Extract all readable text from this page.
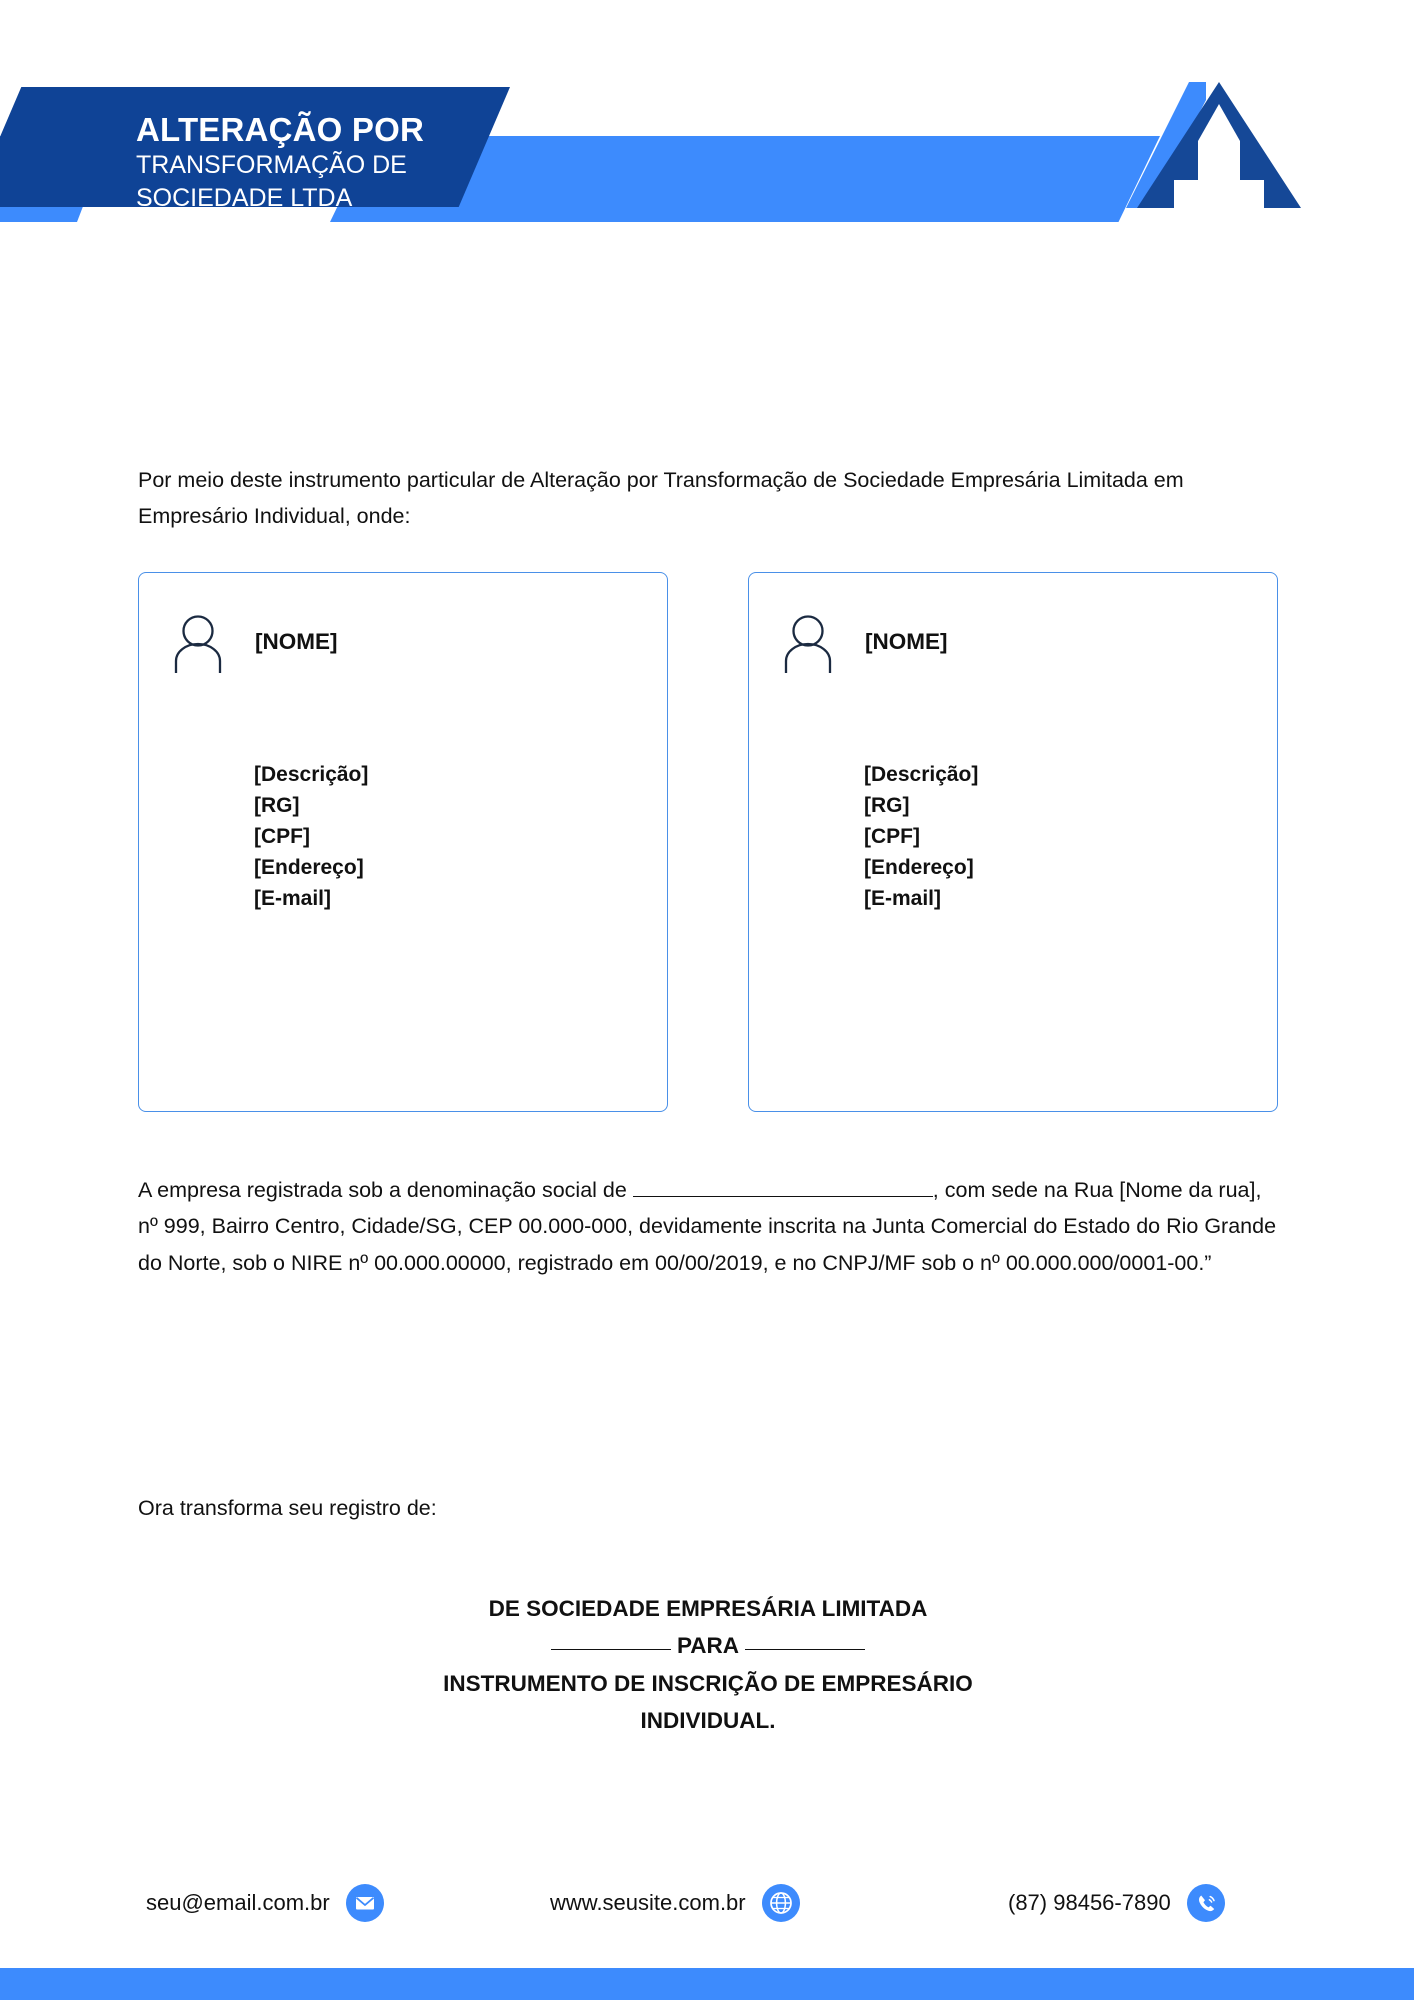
ALTERAÇÃO POR
TRANSFORMAÇÃO DE
SOCIEDADE LTDA

Por meio deste instrumento particular de Alteração por Transformação de Sociedade Empresária Limitada em Empresário Individual, onde:

[NOME]
[Descrição]
[RG]
[CPF]
[Endereço]
[E-mail]
[NOME]
[Descrição]
[RG]
[CPF]
[Endereço]
[E-mail]

A empresa registrada sob a denominação social de	, com sede na Rua [Nome da rua], nº 999, Bairro Centro, Cidade/SG, CEP 00.000-000, devidamente inscrita na Junta Comercial do Estado do Rio Grande do Norte, sob o NIRE nº 00.000.00000, registrado em 00/00/2019, e no CNPJ/MF sob o nº 00.000.000/0001-00.”

Ora transforma seu registro de:

DE SOCIEDADE EMPRESÁRIA LIMITADA
PARA
INSTRUMENTO DE INSCRIÇÃO DE EMPRESÁRIO
INDIVIDUAL.
seu@email.com.br	www.seusite.com.br	(87) 98456-7890
